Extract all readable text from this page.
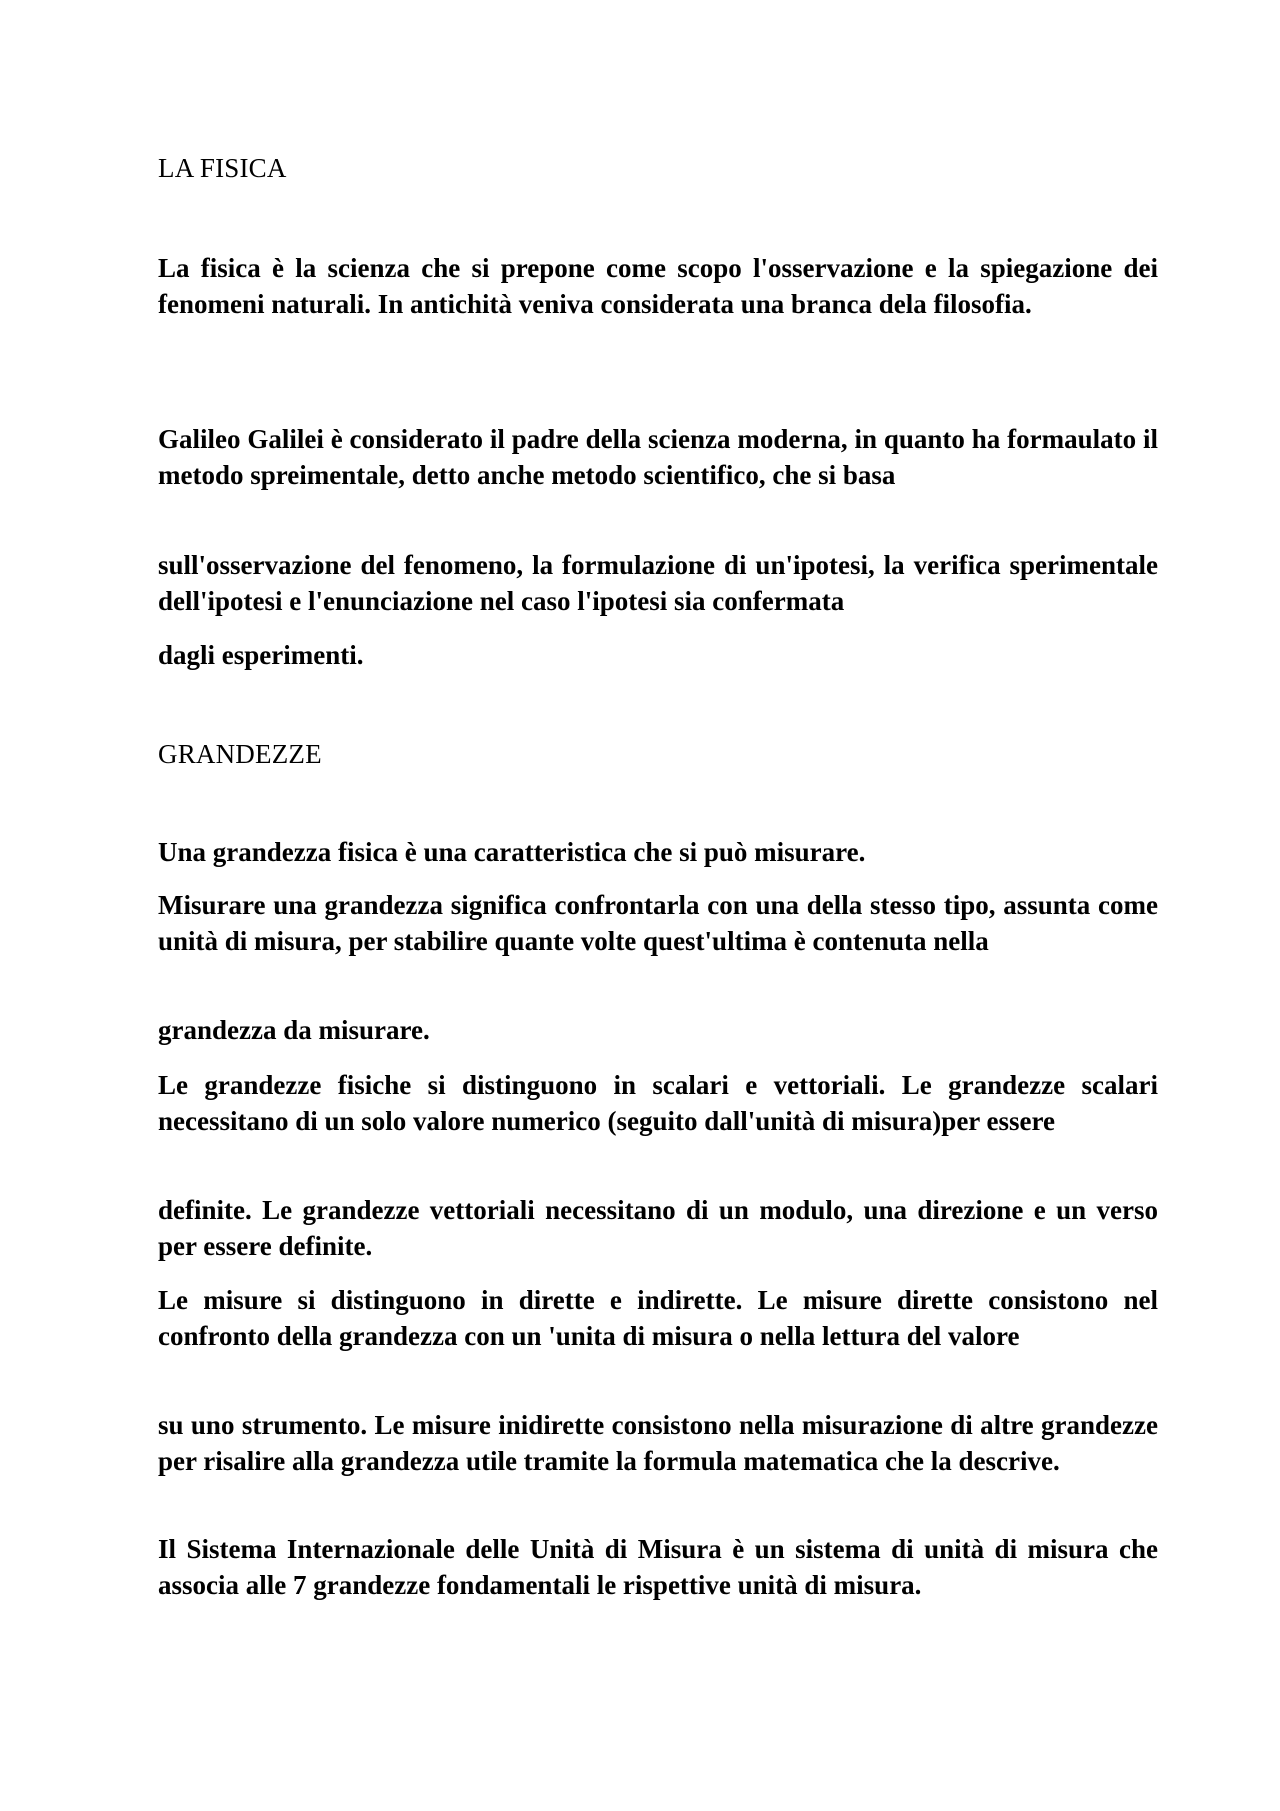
LA FISICA

La fisica è la scienza che si prepone come scopo l'osservazione e la spiegazione dei fenomeni naturali. In antichità veniva considerata una branca dela filosofia.

Galileo Galilei è considerato il padre della scienza moderna, in quanto ha formaulato il metodo spreimentale, detto anche metodo scientifico, che si basa

sull'osservazione del fenomeno, la formulazione di un'ipotesi, la verifica sperimentale dell'ipotesi e l'enunciazione nel caso l'ipotesi sia confermata

dagli esperimenti.

GRANDEZZE

Una grandezza fisica è una caratteristica che si può misurare.

Misurare una grandezza significa confrontarla con una della stesso tipo, assunta come unità di misura, per stabilire quante volte quest'ultima è contenuta nella

grandezza da misurare.

Le grandezze fisiche si distinguono in scalari e vettoriali. Le grandezze scalari necessitano di un solo valore numerico (seguito dall'unità di misura)per essere

definite. Le grandezze vettoriali necessitano di un modulo, una direzione e un verso per essere definite.

Le misure si distinguono in dirette e indirette. Le misure dirette consistono nel confronto della grandezza con un 'unita di misura o nella lettura del valore

su uno strumento. Le misure inidirette consistono nella misurazione di altre grandezze per risalire alla grandezza utile tramite la formula matematica che la descrive.

Il Sistema Internazionale delle Unità di Misura è un sistema di unità di misura che associa alle 7 grandezze fondamentali le rispettive unità di misura.
